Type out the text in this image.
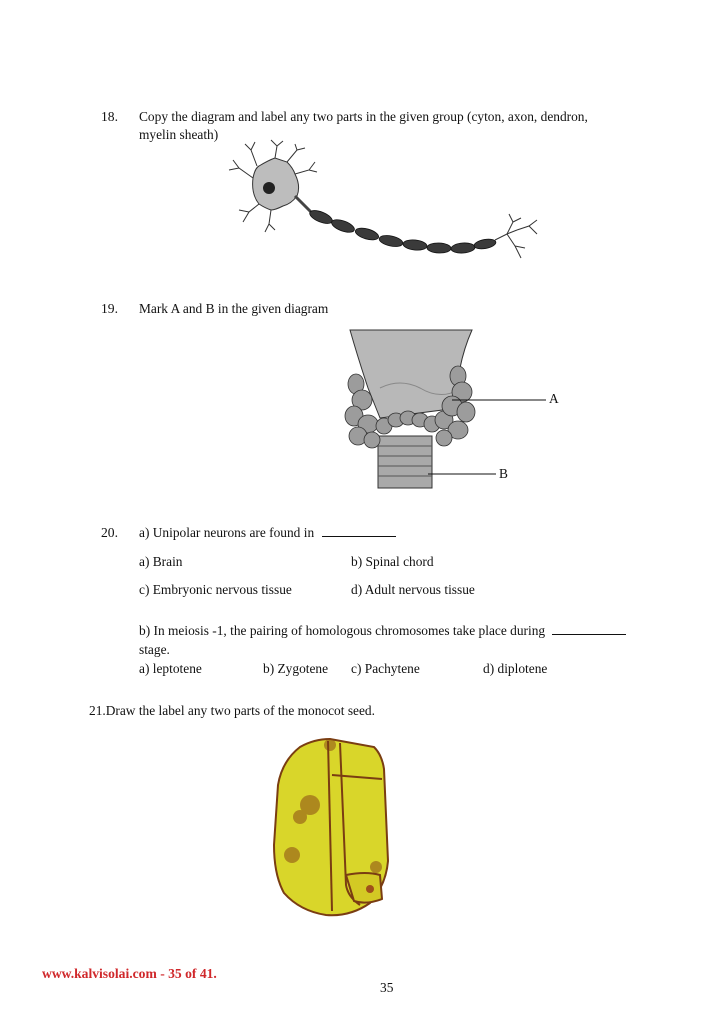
18. Copy the diagram and label any two parts in the given group (cyton, axon, dendron,
myelin sheath)
19. Mark A and B in the given diagram
A
B
20. a) Unipolar neurons are found in
a) Brain	b) Spinal chord
c) Embryonic nervous tissue	d) Adult nervous tissue
b) In meiosis -1, the pairing of homologous chromosomes take place during
stage.
a) leptotene	b) Zygotene c) Pachytene	d) diplotene
21.Draw the label any two parts of the monocot seed.
www.kalvisolai.com - 35 of 41.
35
